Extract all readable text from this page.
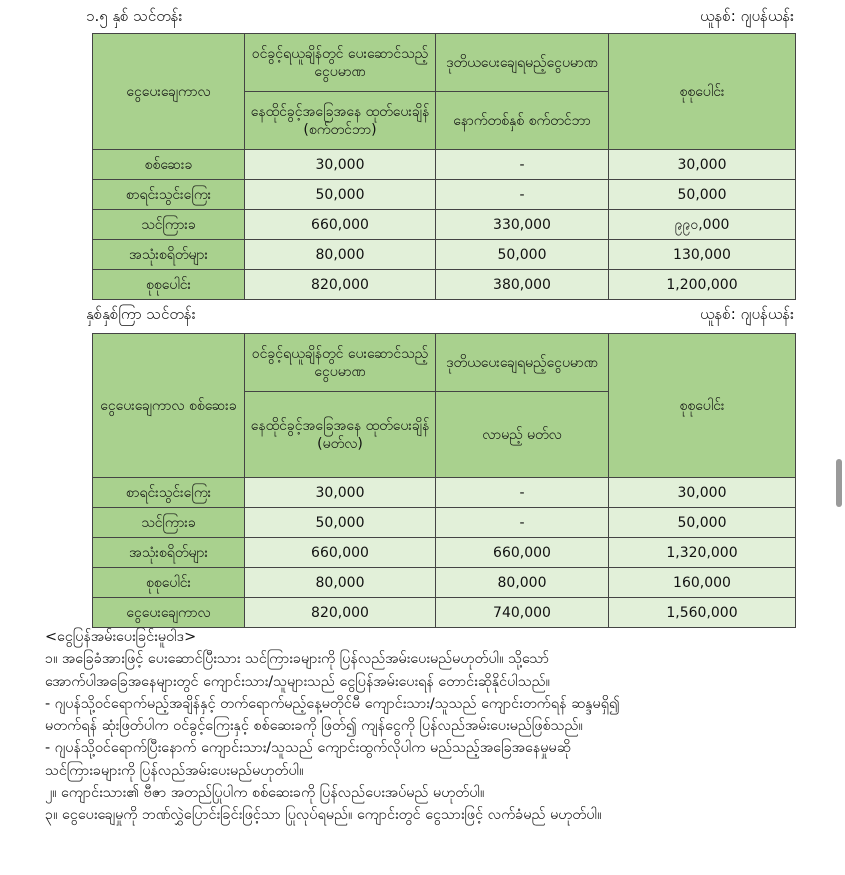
၁.၅ နှစ် သင်တန်း	ယူနစ်: ဂျပန်ယန်း
ငွေပေးချေကာလ	ဝင်ခွင့်ရယူချိန်တွင် ပေးဆောင်သည့်ငွေပမာဏ	ဒုတိယပေးချေရမည့်ငွေပမာဏ	စုစုပေါင်း
	နေထိုင်ခွင့်အခြေအနေ ထုတ်ပေးချိန် (စက်တင်ဘာ)	နောက်တစ်နှစ် စက်တင်ဘာ	
စစ်ဆေးခ	30,000	-	30,000
စာရင်းသွင်းကြေး	50,000	-	50,000
သင်ကြားခ	660,000	330,000	၉၉၀,000
အသုံးစရိတ်များ	80,000	50,000	130,000
စုစုပေါင်း	820,000	380,000	1,200,000
နှစ်နှစ်ကြာ သင်တန်း	ယူနစ်: ဂျပန်ယန်း
ငွေပေးချေကာလ စစ်ဆေးခ	ဝင်ခွင့်ရယူချိန်တွင် ပေးဆောင်သည့်ငွေပမာဏ	ဒုတိယပေးချေရမည့်ငွေပမာဏ	စုစုပေါင်း
	နေထိုင်ခွင့်အခြေအနေ ထုတ်ပေးချိန် (မတ်လ)	လာမည့် မတ်လ	
စာရင်းသွင်းကြေး	30,000	-	30,000
သင်ကြားခ	50,000	-	50,000
အသုံးစရိတ်များ	660,000	660,000	1,320,000
စုစုပေါင်း	80,000	80,000	160,000
ငွေပေးချေကာလ	820,000	740,000	1,560,000

<ငွေပြန်အမ်းပေးခြင်းမူဝါဒ>

၁။ အခြေခံအားဖြင့် ပေးဆောင်ပြီးသား သင်ကြားခများကို ပြန်လည်အမ်းပေးမည်မဟုတ်ပါ။ သို့သော်

အောက်ပါအခြေအနေများတွင် ကျောင်းသား/သူများသည် ငွေပြန်အမ်းပေးရန် တောင်းဆိုနိုင်ပါသည်။

- ဂျပန်သို့ဝင်ရောက်မည့်အချိန်နှင့် တက်ရောက်မည့်နေ့မတိုင်မီ ကျောင်းသား/သူသည် ကျောင်းတက်ရန် ဆန္ဒမရှိ၍

မတက်ရန် ဆုံးဖြတ်ပါက ဝင်ခွင့်ကြေးနှင့် စစ်ဆေးခကို ဖြတ်၍ ကျန်ငွေကို ပြန်လည်အမ်းပေးမည်ဖြစ်သည်။

- ဂျပန်သို့ဝင်ရောက်ပြီးနောက် ကျောင်းသား/သူသည် ကျောင်းထွက်လိုပါက မည်သည့်အခြေအနေမှုမဆို

သင်ကြားခများကို ပြန်လည်အမ်းပေးမည်မဟုတ်ပါ။

၂။ ကျောင်းသား၏ ဗီဇာ အတည်ပြုပါက စစ်ဆေးခကို ပြန်လည်ပေးအပ်မည် မဟုတ်ပါ။

၃။ ငွေပေးချေမှုကို ဘဏ်လွှဲပြောင်းခြင်းဖြင့်သာ ပြုလုပ်ရမည်။ ကျောင်းတွင် ငွေသားဖြင့် လက်ခံမည် မဟုတ်ပါ။
